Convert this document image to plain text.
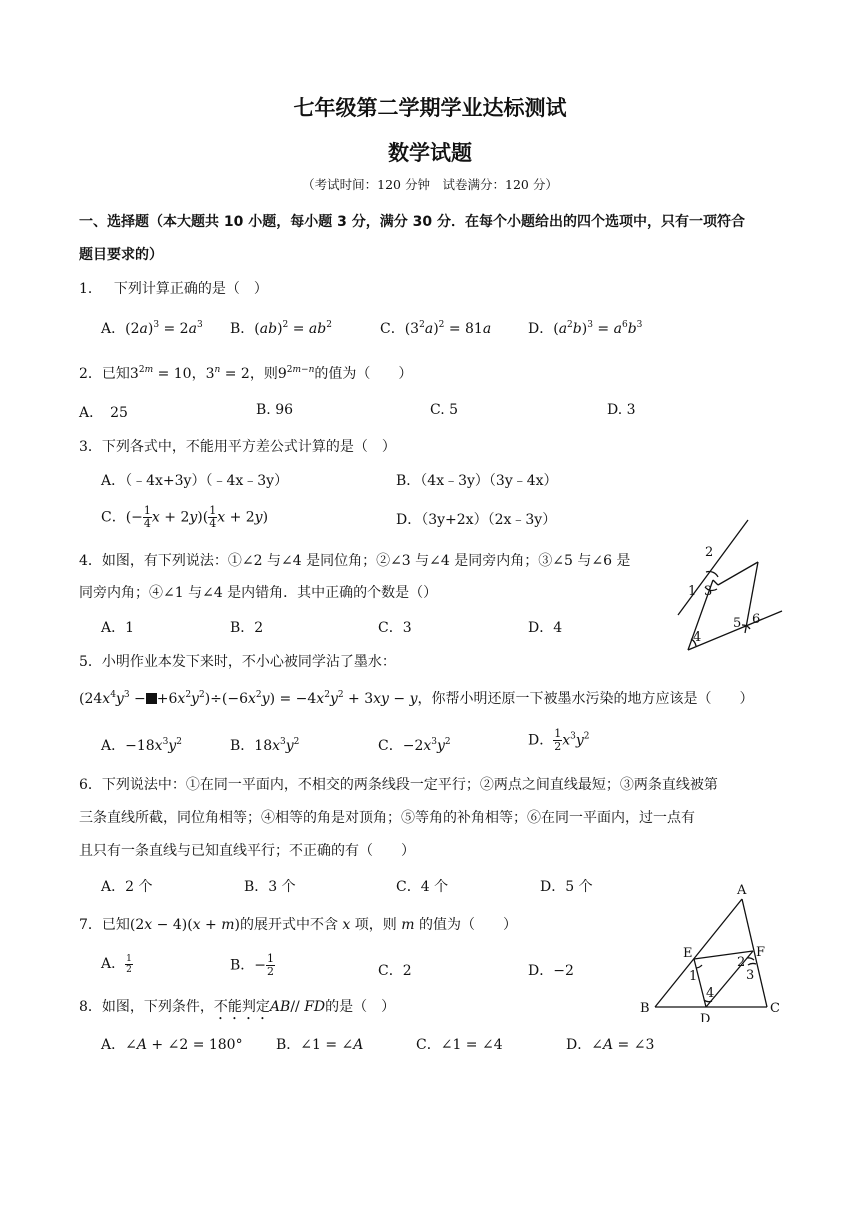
七年级第二学期学业达标测试
数学试题
（考试时间：120 分钟　试卷满分：120 分）
一、选择题（本大题共 10 小题，每小题 3 分，满分 30 分．在每个小题给出的四个选项中，只有一项符合
题目要求的）
1． 下列计算正确的是（　）
A．$(2a)^3 = 2a^3$ B．$(ab)^2 = ab^2$	C．$(3^2a)^2 = 81a$	D．$(a^2b)^3 = a^6b^3$
2．已知$3^{2m} = 10$，$3^n = 2$，则$9^{2m-n}$的值为（　　）
A．　25	B. 96	C. 5	D. 3
3．下列各式中，不能用平方差公式计算的是（　）
A．（﹣4x+3y）（﹣4x﹣3y）	B．（4x﹣3y）（3y﹣4x）
C．(− $\frac{1}{4}$ $x + 2y)( \frac{1}{4}$ x + 2y)	D．（3y+2x）（2x﹣3y）
4．如图，有下列说法：①∠2 与∠4 是同位角；②∠3 与∠4 是同旁内角；③∠5 与∠6 是
同旁内角；④∠1 与∠4 是内错角．其中正确的个数是（）
A．1	B．2	C．3	D．4
2
1 3
5 6
4
5．小明作业本发下来时，不小心被同学沾了墨水：
$(24x^4y^3 - +6x^2y^2)\div(-6x^2y) = -4x^2y^2 + 3xy - y$，你帮小明还原一下被墨水污染的地方应该是（　　）
A．$-18x^3y^2$	B．$18x^3y^2$	C．$-2x^3y^2$	D． $\frac{1}{2} x^3y^2$
6．下列说法中：①在同一平面内，不相交的两条线段一定平行；②两点之间直线最短；③两条直线被第
三条直线所截，同位角相等；④相等的角是对顶角；⑤等角的补角相等；⑥在同一平面内，过一点有
且只有一条直线与已知直线平行；不正确的有（　　）
A．2 个	B．3 个	C．4 个	D．5 个
7．已知(2x − 4)(x + m)的展开式中不含 x 项，则 m 的值为（　　）
A． $\frac{1}{2}$	B．− $\frac{1}{2}$	C．2	D．−2
8．如图，下列条件，不能判定AB// FD的是（　）
A．∠A + ∠2 = 180° B．∠1 = ∠A	C．∠1 = ∠4	D．∠A = ∠3
A
E	F
1
2
3
4
B
D
C
